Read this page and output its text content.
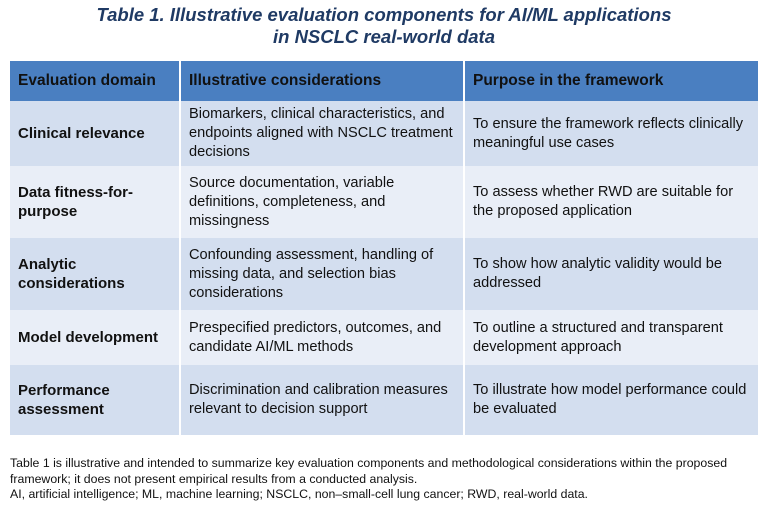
Table 1. Illustrative evaluation components for AI/ML applications
in NSCLC real-world data
Evaluation domain	Illustrative considerations	Purpose in the framework
Clinical relevance	Biomarkers, clinical characteristics, and endpoints aligned with NSCLC treatment decisions	To ensure the framework reflects clinically meaningful use cases
Data fitness-for-purpose	Source documentation, variable definitions, completeness, and missingness	To assess whether RWD are suitable for the proposed application
Analytic considerations	Confounding assessment, handling of missing data, and selection bias considerations	To show how analytic validity would be addressed
Model development	Prespecified predictors, outcomes, and candidate AI/ML methods	To outline a structured and transparent development approach
Performance assessment	Discrimination and calibration measures relevant to decision support	To illustrate how model performance could be evaluated

Table 1 is illustrative and intended to summarize key evaluation components and methodological considerations within the proposed framework; it does not present empirical results from a conducted analysis.

AI, artificial intelligence; ML, machine learning; NSCLC, non–small-cell lung cancer; RWD, real-world data.
